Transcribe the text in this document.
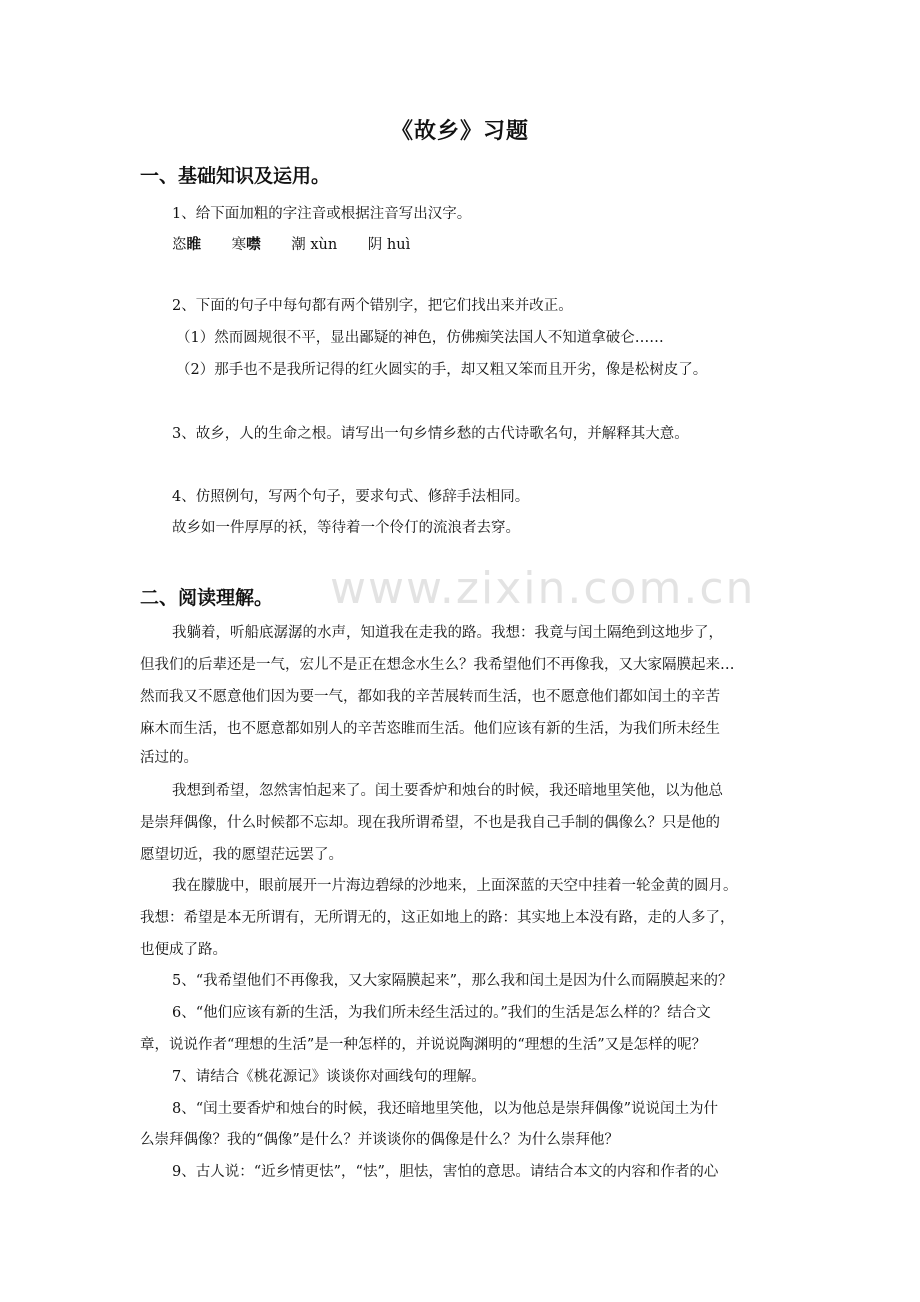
www.zixin.com.cn
《故乡》习题
一、基础知识及运用。
1、给下面加粗的字注音或根据注音写出汉字。
恣睢 寒噤 潮 xùn 阴 huì
2、下面的句子中每句都有两个错别字，把它们找出来并改正。
（1）然而圆规很不平，显出鄙疑的神色，仿佛痴笑法国人不知道拿破仑……
（2）那手也不是我所记得的红火圆实的手，却又粗又笨而且开劣，像是松树皮了。
3、故乡，人的生命之根。请写出一句乡情乡愁的古代诗歌名句，并解释其大意。
4、仿照例句，写两个句子，要求句式、修辞手法相同。
故乡如一件厚厚的袄，等待着一个伶仃的流浪者去穿。
二、阅读理解。
我躺着，听船底潺潺的水声，知道我在走我的路。我想：我竟与闰土隔绝到这地步了，
但我们的后辈还是一气，宏儿不是正在想念水生么？我希望他们不再像我，又大家隔膜起来…
然而我又不愿意他们因为要一气，都如我的辛苦展转而生活，也不愿意他们都如闰土的辛苦
麻木而生活，也不愿意都如别人的辛苦恣睢而生活。他们应该有新的生活，为我们所未经生
活过的。
我想到希望，忽然害怕起来了。闰土要香炉和烛台的时候，我还暗地里笑他，以为他总
是崇拜偶像，什么时候都不忘却。现在我所谓希望，不也是我自己手制的偶像么？只是他的
愿望切近，我的愿望茫远罢了。
我在朦胧中，眼前展开一片海边碧绿的沙地来，上面深蓝的天空中挂着一轮金黄的圆月。
我想：希望是本无所谓有，无所谓无的，这正如地上的路：其实地上本没有路，走的人多了，
也便成了路。
5、“我希望他们不再像我，又大家隔膜起来”，那么我和闰土是因为什么而隔膜起来的？
6、“他们应该有新的生活，为我们所未经生活过的。”我们的生活是怎么样的？结合文
章，说说作者“理想的生活”是一种怎样的，并说说陶渊明的“理想的生活”又是怎样的呢？
7、请结合《桃花源记》谈谈你对画线句的理解。
8、“闰土要香炉和烛台的时候，我还暗地里笑他，以为他总是崇拜偶像”说说闰土为什
么崇拜偶像？我的“偶像”是什么？并谈谈你的偶像是什么？为什么崇拜他？
9、古人说：“近乡情更怯”，“怯”，胆怯，害怕的意思。请结合本文的内容和作者的心
